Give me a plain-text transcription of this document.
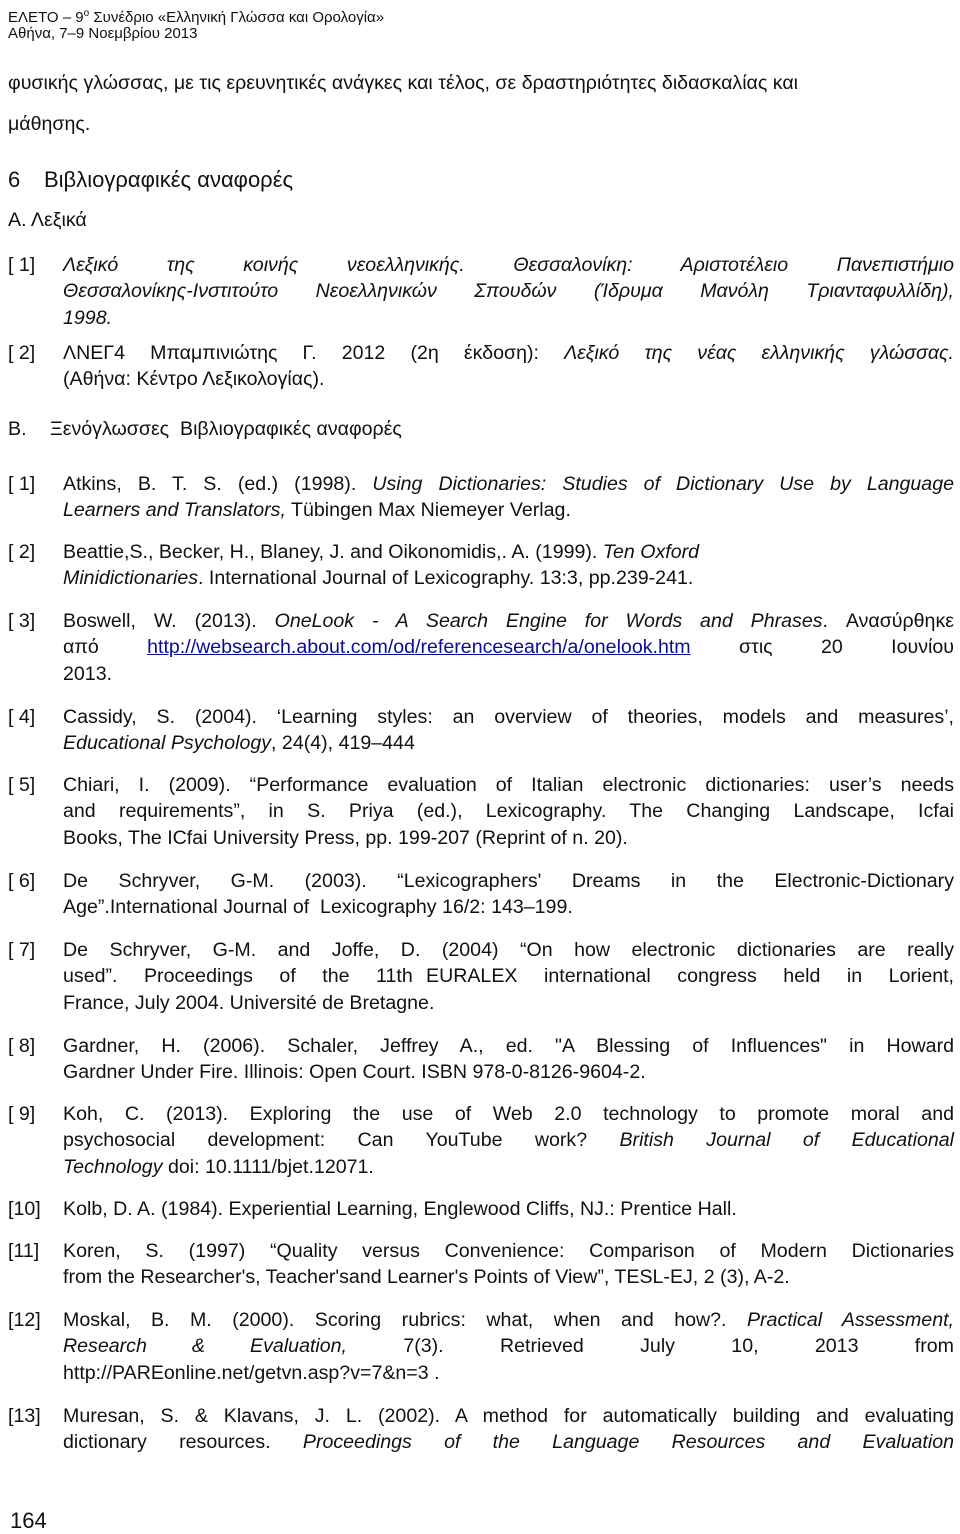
ΕΛΕΤΟ – $9^o$ Συνέδριο «Ελληνική Γλώσσα και Ορολογία»
Αθήνα, 7–9 Νοεμβρίου 2013
φυσικής γλώσσας, με τις ερευνητικές ανάγκες και τέλος, σε δραστηριότητες διδασκαλίας και
μάθησης.
6 Βιβλιογραφικές αναφορές
Α. Λεξικά
[ 1] Λεξικό  της  κοινής  νεοελληνικής.  Θεσσαλονίκη:  Αριστοτέλειο  Πανεπιστήμιο
Θεσσαλονίκης-Ινστιτούτο Νεοελληνικών Σπουδών (Ίδρυμα Μανόλη Τριανταφυλλίδη),
1998.
[ 2] ΛΝΕΓ4 Μπαμπινιώτης Γ. 2012 (2η έκδοση): Λεξικό της νέας ελληνικής γλώσσας.
(Αθήνα: Κέντρο Λεξικολογίας).
Β. Ξενόγλωσσες  Βιβλιογραφικές αναφορές
[ 1] Atkins, B. T. S. (ed.) (1998). Using Dictionaries: Studies of Dictionary Use by Language
Learners and Translators, Tübingen Max Niemeyer Verlag.
[ 2] Beattie,S., Becker, H., Blaney, J. and Oikonomidis,. A. (1999). Ten Oxford
Minidictionaries. International Journal of Lexicography. 13:3, pp.239-241.
[ 3] Boswell, W. (2013). OneLook - A Search Engine for Words and Phrases. Ανασύρθηκε
από  http://websearch.about.com/od/referencesearch/a/onelook.htm  στις  20  Ιουνίου
2013.
[ 4] Cassidy, S. (2004). ‘Learning styles: an overview of theories, models and measures’,
Educational Psychology, 24(4), 419–444
[ 5] Chiari, I. (2009). “Performance evaluation of Italian electronic dictionaries: user’s needs
and requirements”, in S. Priya (ed.), Lexicography. The Changing Landscape, Icfai
Books, The ICfai University Press, pp. 199-207 (Reprint of n. 20).
[ 6] De  Schryver,  G-M.  (2003).  “Lexicographers'  Dreams  in  the  Electronic-Dictionary
Age”.International Journal of  Lexicography 16/2: 143–199.
[ 7] De  Schryver,  G-M.  and  Joffe,  D.  (2004)  “On  how  electronic  dictionaries  are  really
used”.  Proceedings  of  the  11th EURALEX  international  congress  held  in  Lorient,
France, July 2004. Université de Bretagne.
[ 8] Gardner,  H.  (2006).  Schaler,  Jeffrey  A.,  ed.  "A  Blessing  of  Influences"  in  Howard
Gardner Under Fire. Illinois: Open Court. ISBN 978-0-8126-9604-2.
[ 9] Koh,  C.  (2013).  Exploring  the  use  of  Web  2.0  technology  to  promote  moral  and
psychosocial  development:  Can  YouTube  work?  British  Journal  of  Educational
Technology doi: 10.1111/bjet.12071.
[10] Kolb, D. A. (1984). Experiential Learning, Englewood Cliffs, NJ.: Prentice Hall.
[11] Koren,  S.  (1997)  “Quality  versus  Convenience:  Comparison  of  Modern  Dictionaries
from the Researcher's, Teacher'sand Learner's Points of View”, TESL-EJ, 2 (3), A-2.
[12] Moskal, B. M. (2000). Scoring rubrics: what, when and how?. Practical Assessment,
Research    &    Evaluation,     7(3).     Retrieved     July     10,     2013     from
http://PAREonline.net/getvn.asp?v=7&n=3 .
[13] Muresan, S. & Klavans, J. L. (2002). A method for automatically building and evaluating
dictionary  resources.  Proceedings  of  the  Language  Resources  and  Evaluation
164
